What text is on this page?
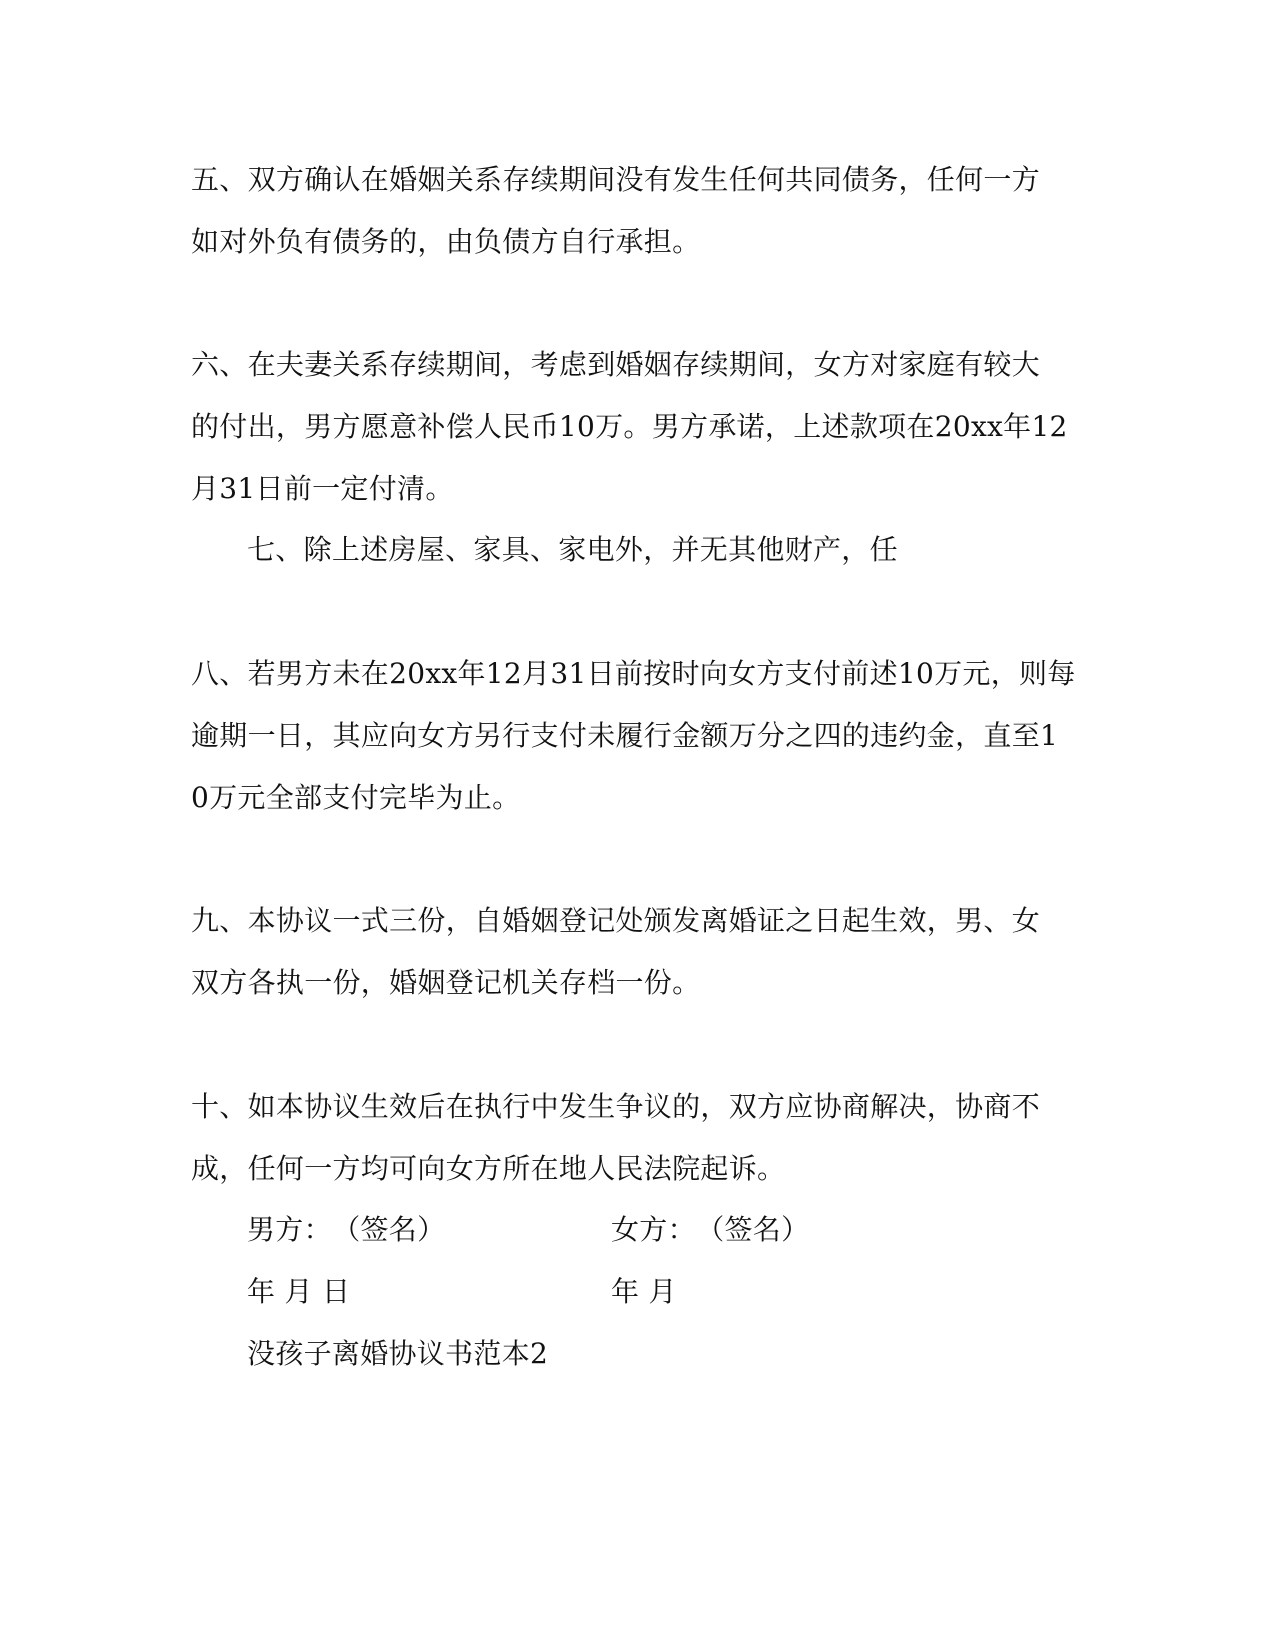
五、双方确认在婚姻关系存续期间没有发生任何共同债务，任何一方
如对外负有债务的，由负债方自行承担。
六、在夫妻关系存续期间，考虑到婚姻存续期间，女方对家庭有较大
的付出，男方愿意补偿人民币10万。男方承诺，上述款项在20xx年12
月31日前一定付清。
七、除上述房屋、家具、家电外，并无其他财产，任
八、若男方未在20xx年12月31日前按时向女方支付前述10万元，则每
逾期一日，其应向女方另行支付未履行金额万分之四的违约金，直至1
0万元全部支付完毕为止。
九、本协议一式三份，自婚姻登记处颁发离婚证之日起生效，男、女
双方各执一份，婚姻登记机关存档一份。
十、如本协议生效后在执行中发生争议的，双方应协商解决，协商不
成，任何一方均可向女方所在地人民法院起诉。
男方：　（签名）	女方：　（签名）
年 月 日	年 月
没孩子离婚协议书范本2
